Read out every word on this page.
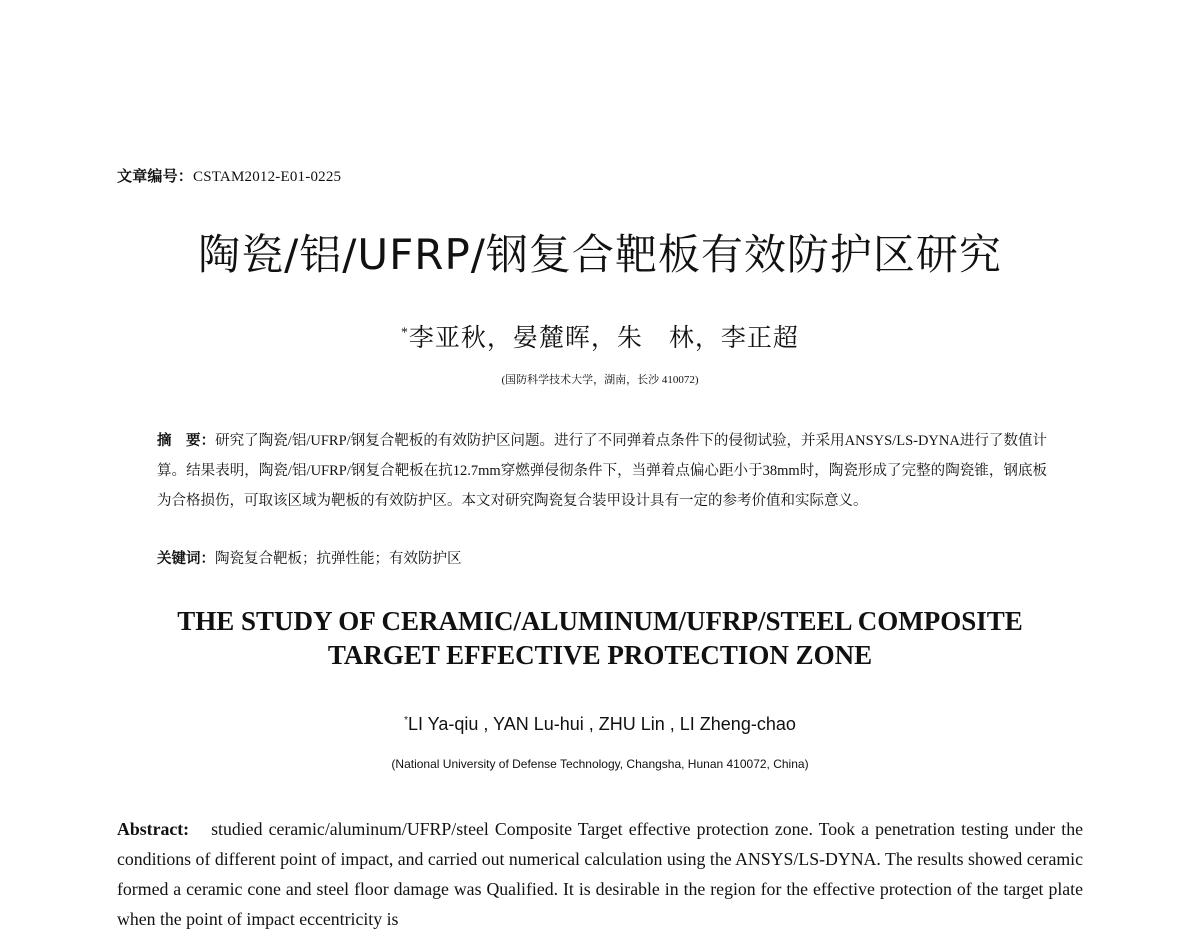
文章编号：CSTAM2012-E01-0225
陶瓷/铝/UFRP/钢复合靶板有效防护区研究
*李亚秋，晏麓晖，朱　林，李正超
(国防科学技术大学，湖南，长沙 410072)
摘　要：研究了陶瓷/铝/UFRP/钢复合靶板的有效防护区问题。进行了不同弹着点条件下的侵彻试验，并采用ANSYS/LS-DYNA进行了数值计算。结果表明，陶瓷/铝/UFRP/钢复合靶板在抗12.7mm穿燃弹侵彻条件下，当弹着点偏心距小于38mm时，陶瓷形成了完整的陶瓷锥，钢底板为合格损伤，可取该区域为靶板的有效防护区。本文对研究陶瓷复合装甲设计具有一定的参考价值和实际意义。
关键词：陶瓷复合靶板；抗弹性能；有效防护区
THE STUDY OF CERAMIC/ALUMINUM/UFRP/STEEL COMPOSITE
TARGET EFFECTIVE PROTECTION ZONE
*LI Ya-qiu , YAN Lu-hui , ZHU Lin , LI Zheng-chao
(National University of Defense Technology, Changsha, Hunan 410072, China)
Abstract: studied ceramic/aluminum/UFRP/steel Composite Target effective protection zone. Took a penetration testing under the conditions of different point of impact, and carried out numerical calculation using the ANSYS/LS-DYNA. The results showed ceramic formed a ceramic cone and steel floor damage was Qualified. It is desirable in the region for the effective protection of the target plate when the point of impact eccentricity is
